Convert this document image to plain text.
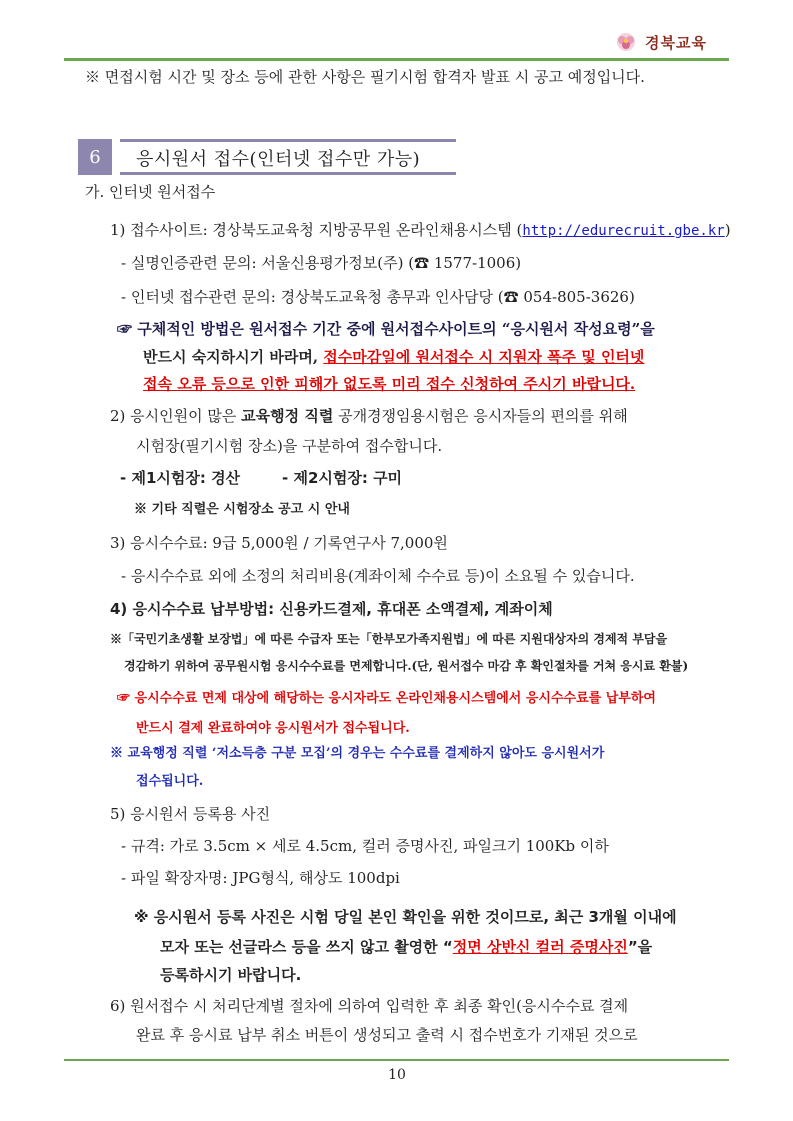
경북교육
※ 면접시험 시간 및 장소 등에 관한 사항은 필기시험 합격자 발표 시 공고 예정입니다.
6	응시원서 접수(인터넷 접수만 가능)
가. 인터넷 원서접수
1) 접수사이트: 경상북도교육청 지방공무원 온라인채용시스템 (http://edurecruit.gbe.kr)
- 실명인증관련 문의: 서울신용평가정보(주) (☎ 1577-1006)
- 인터넷 접수관련 문의: 경상북도교육청 총무과 인사담당 (☎ 054-805-3626)
☞ 구체적인 방법은 원서접수 기간 중에 원서접수사이트의 “응시원서 작성요령”을
반드시 숙지하시기 바라며, 접수마감일에 원서접수 시 지원자 폭주 및 인터넷
접속 오류 등으로 인한 피해가 없도록 미리 접수 신청하여 주시기 바랍니다.
2) 응시인원이 많은 교육행정 직렬 공개경쟁임용시험은 응시자들의 편의를 위해
시험장(필기시험 장소)을 구분하여 접수합니다.
- 제1시험장: 경산	- 제2시험장: 구미
※ 기타 직렬은 시험장소 공고 시 안내
3) 응시수수료: 9급 5,000원 / 기록연구사 7,000원
- 응시수수료 외에 소정의 처리비용(계좌이체 수수료 등)이 소요될 수 있습니다.
4) 응시수수료 납부방법: 신용카드결제, 휴대폰 소액결제, 계좌이체
※「국민기초생활 보장법」에 따른 수급자 또는「한부모가족지원법」에 따른 지원대상자의 경제적 부담을
경감하기 위하여 공무원시험 응시수수료를 면제합니다.(단, 원서접수 마감 후 확인절차를 거쳐 응시료 환불)
☞ 응시수수료 면제 대상에 해당하는 응시자라도 온라인채용시스템에서 응시수수료를 납부하여
반드시 결제 완료하여야 응시원서가 접수됩니다.
※ 교육행정 직렬 ‘저소득층 구분 모집’의 경우는 수수료를 결제하지 않아도 응시원서가
접수됩니다.
5) 응시원서 등록용 사진
- 규격: 가로 3.5cm × 세로 4.5cm, 컬러 증명사진, 파일크기 100Kb 이하
- 파일 확장자명: JPG형식, 해상도 100dpi
※ 응시원서 등록 사진은 시험 당일 본인 확인을 위한 것이므로, 최근 3개월 이내에
모자 또는 선글라스 등을 쓰지 않고 촬영한 “정면 상반신 컬러 증명사진”을
등록하시기 바랍니다.
6) 원서접수 시 처리단계별 절차에 의하여 입력한 후 최종 확인(응시수수료 결제
완료 후 응시료 납부 취소 버튼이 생성되고 출력 시 접수번호가 기재된 것으로
10
